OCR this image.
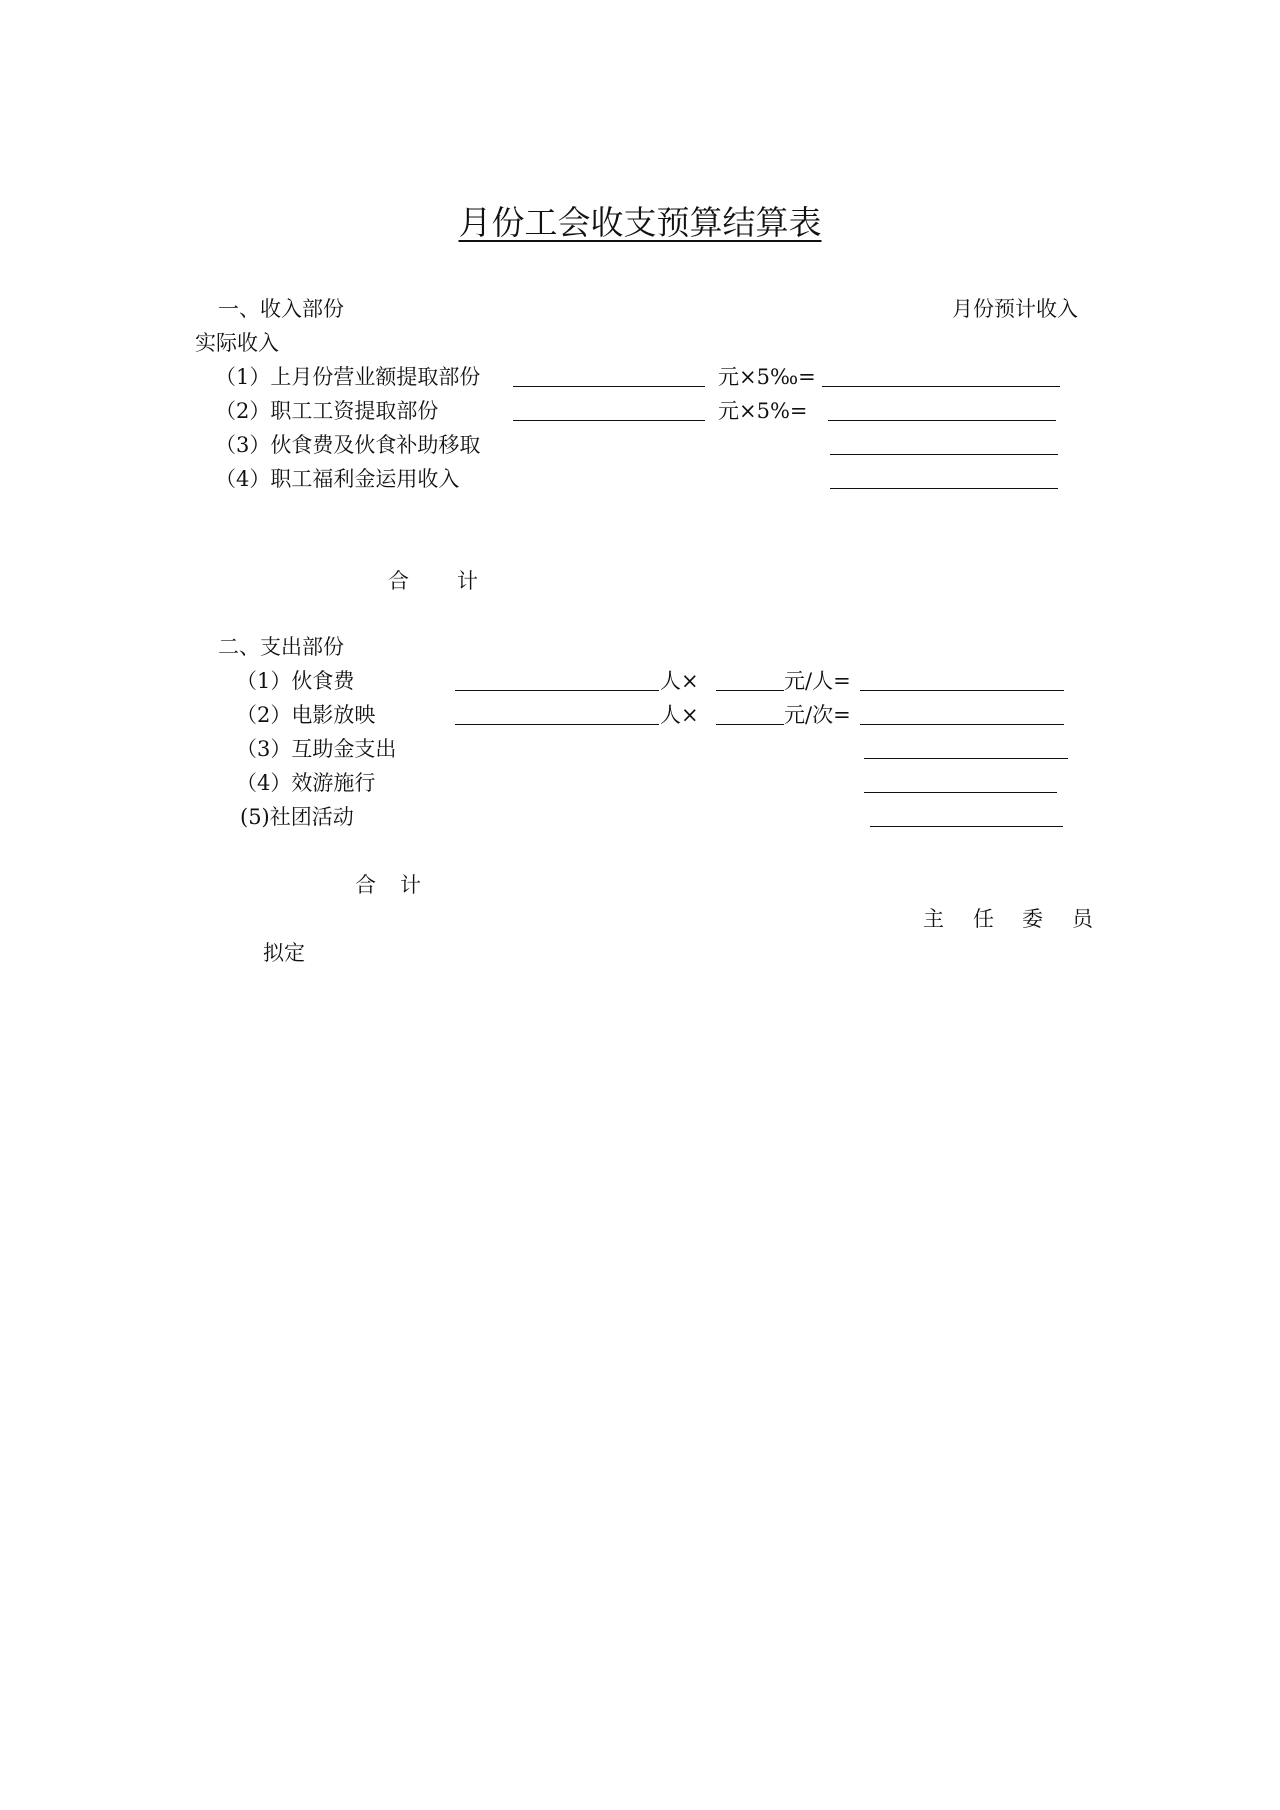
月份工会收支预算结算表
一、收入部份	月份预计收入
实际收入
（1）上月份营业额提取部份	元×5‰=
（2）职工工资提取部份	元×5%=
（3）伙食费及伙食补助移取
（4）职工福利金运用收入
合 计
二、支出部份
（1）伙食费	人×	元/人=
（2）电影放映	人×	元/次=
（3）互助金支出
（4）效游施行
(5)社团活动
合 计
主 任 委 员
拟定
